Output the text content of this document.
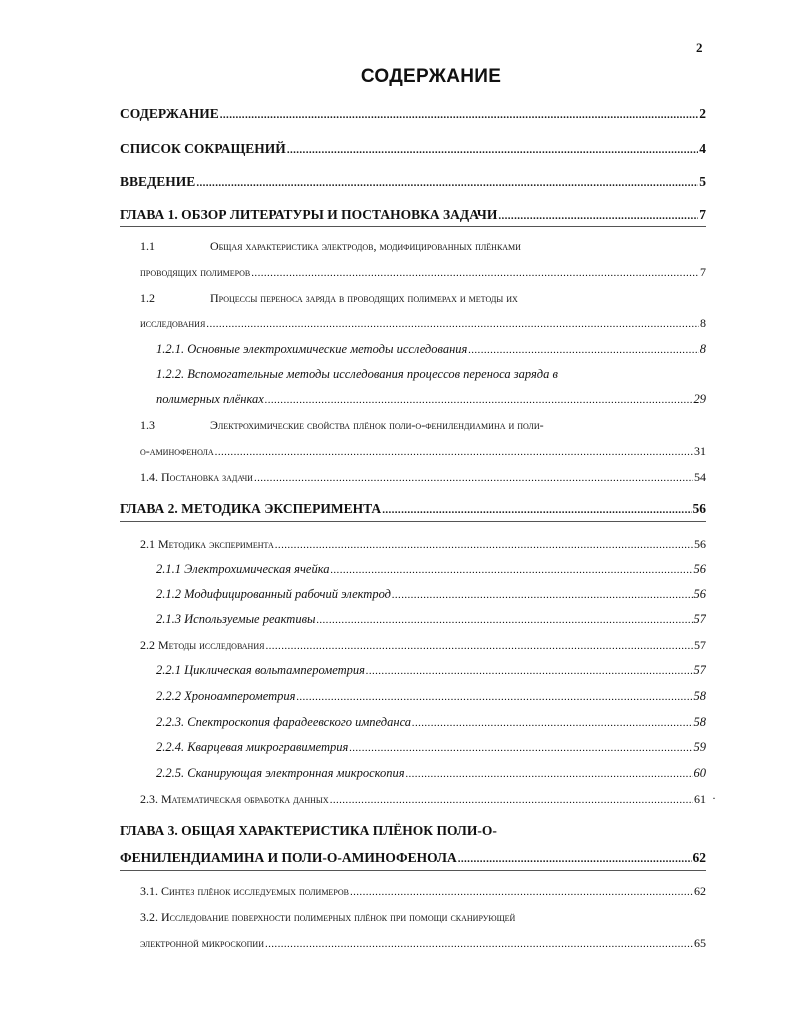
2
СОДЕРЖАНИЕ
СОДЕРЖАНИЕ .....	2
СПИСОК СОКРАЩЕНИЙ .....	4
ВВЕДЕНИЕ .....	5
ГЛАВА 1. ОБЗОР ЛИТЕРАТУРЫ И ПОСТАНОВКА ЗАДАЧИ .....	7
1.1	Общая характеристика электродов, модифицированных плёнками
проводящих полимеров .....	7
1.2	Процессы переноса заряда в проводящих полимерах и методы их
исследования .....	8
1.2.1. Основные электрохимические методы исследования .....	8
1.2.2. Вспомогательные методы исследования процессов переноса заряда в
полимерных плёнках .....	29
1.3	Электрохимические свойства плёнок поли-о-фенилендиамина и поли-
о-аминофенола .....	31
1.4. Постановка задачи .....	54
ГЛАВА 2. МЕТОДИКА ЭКСПЕРИМЕНТА .....	56
2.1 Методика эксперимента .....	56
2.1.1 Электрохимическая ячейка .....	56
2.1.2 Модифицированный рабочий электрод .....	56
2.1.3 Используемые реактивы .....	57
2.2 Методы исследования .....	57
2.2.1 Циклическая вольтамперометрия .....	57
2.2.2 Хроноамперометрия .....	58
2.2.3. Спектроскопия фарадеевского импеданса .....	58
2.2.4. Кварцевая микрогравиметрия .....	59
2.2.5. Сканирующая электронная микроскопия .....	60
2.3. Математическая обработка данных .....	61 ·
ГЛАВА 3. ОБЩАЯ ХАРАКТЕРИСТИКА ПЛЁНОК ПОЛИ-О-
ФЕНИЛЕНДИАМИНА И ПОЛИ-О-АМИНОФЕНОЛА .....	62
3.1. Синтез плёнок исследуемых полимеров .....	62
3.2. Исследование поверхности полимерных плёнок при помощи сканирующей
электронной микроскопии .....	65
